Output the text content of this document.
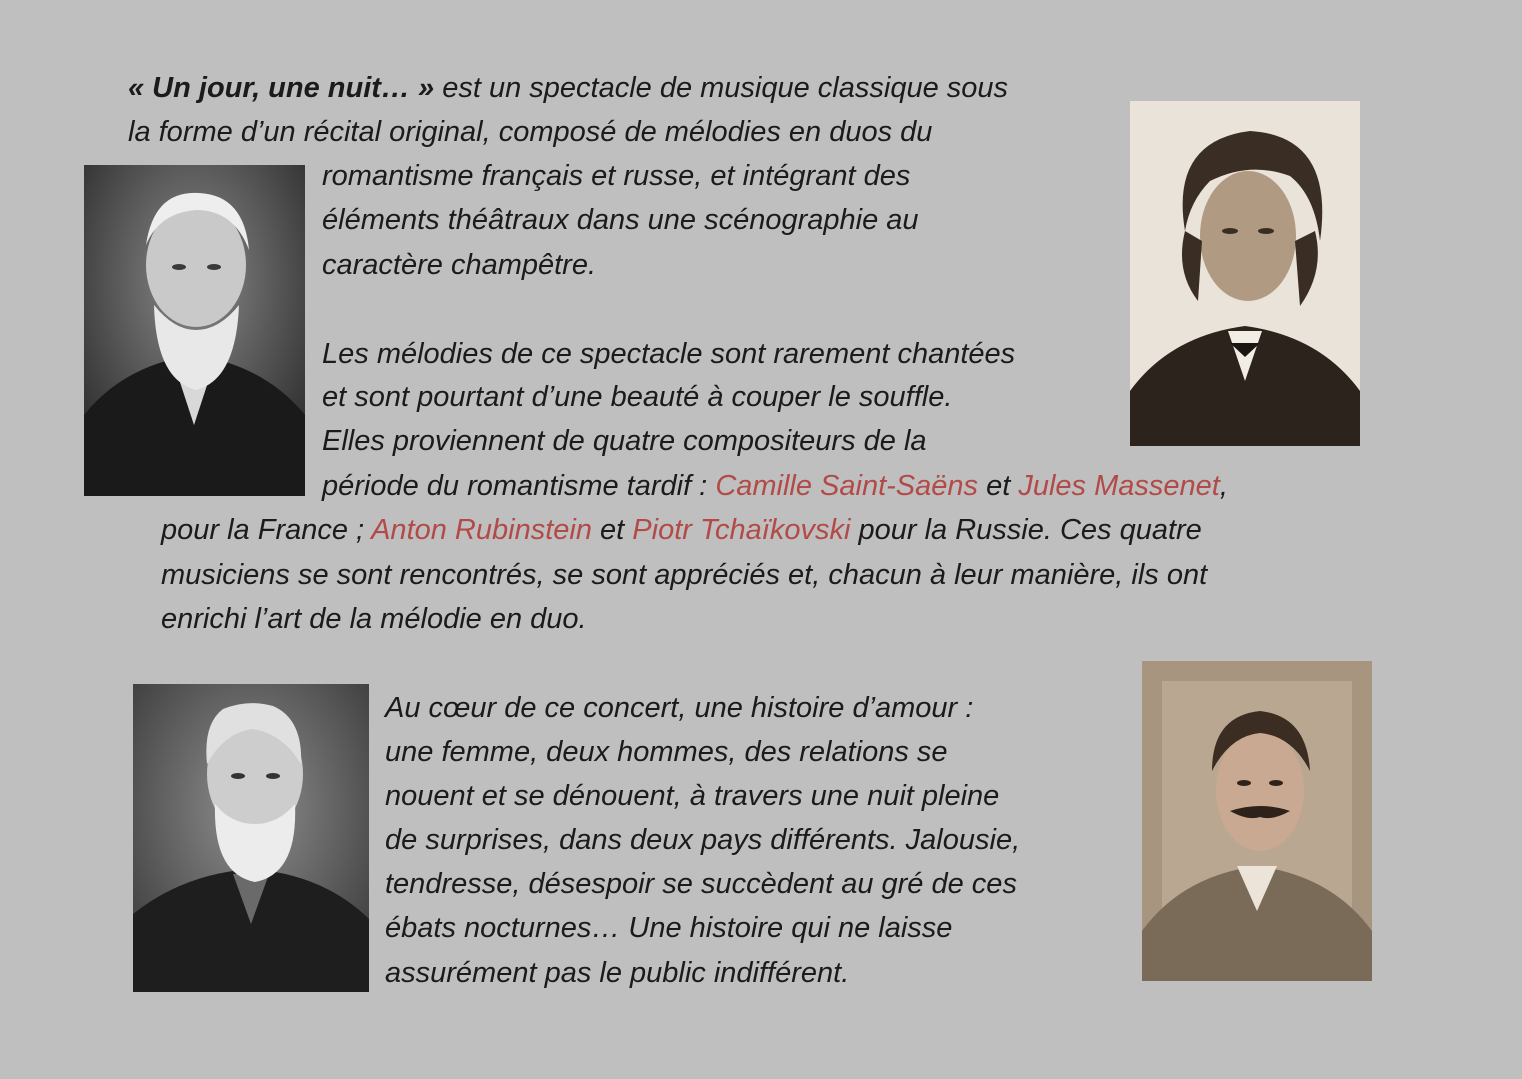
« Un jour, une nuit… » est un spectacle de musique classique sous

la forme d’un récital original, composé de mélodies en duos du

romantisme français et russe, et intégrant des

éléments théâtraux dans une scénographie au

caractère champêtre.

Les mélodies de ce spectacle sont rarement chantées

et sont pourtant d’une beauté à couper le souffle.

Elles proviennent de quatre compositeurs de la

période du romantisme tardif : Camille Saint-Saëns et Jules Massenet,

pour la France ; Anton Rubinstein et Piotr Tchaïkovski pour la Russie. Ces quatre

musiciens se sont rencontrés, se sont appréciés et, chacun à leur manière, ils ont

enrichi l’art de la mélodie en duo.

Au cœur de ce concert, une histoire d’amour :

une femme, deux hommes, des relations se

nouent et se dénouent, à travers une nuit pleine

de surprises, dans deux pays différents. Jalousie,

tendresse, désespoir se succèdent au gré de ces

ébats nocturnes… Une histoire qui ne laisse

assurément pas le public indifférent.
